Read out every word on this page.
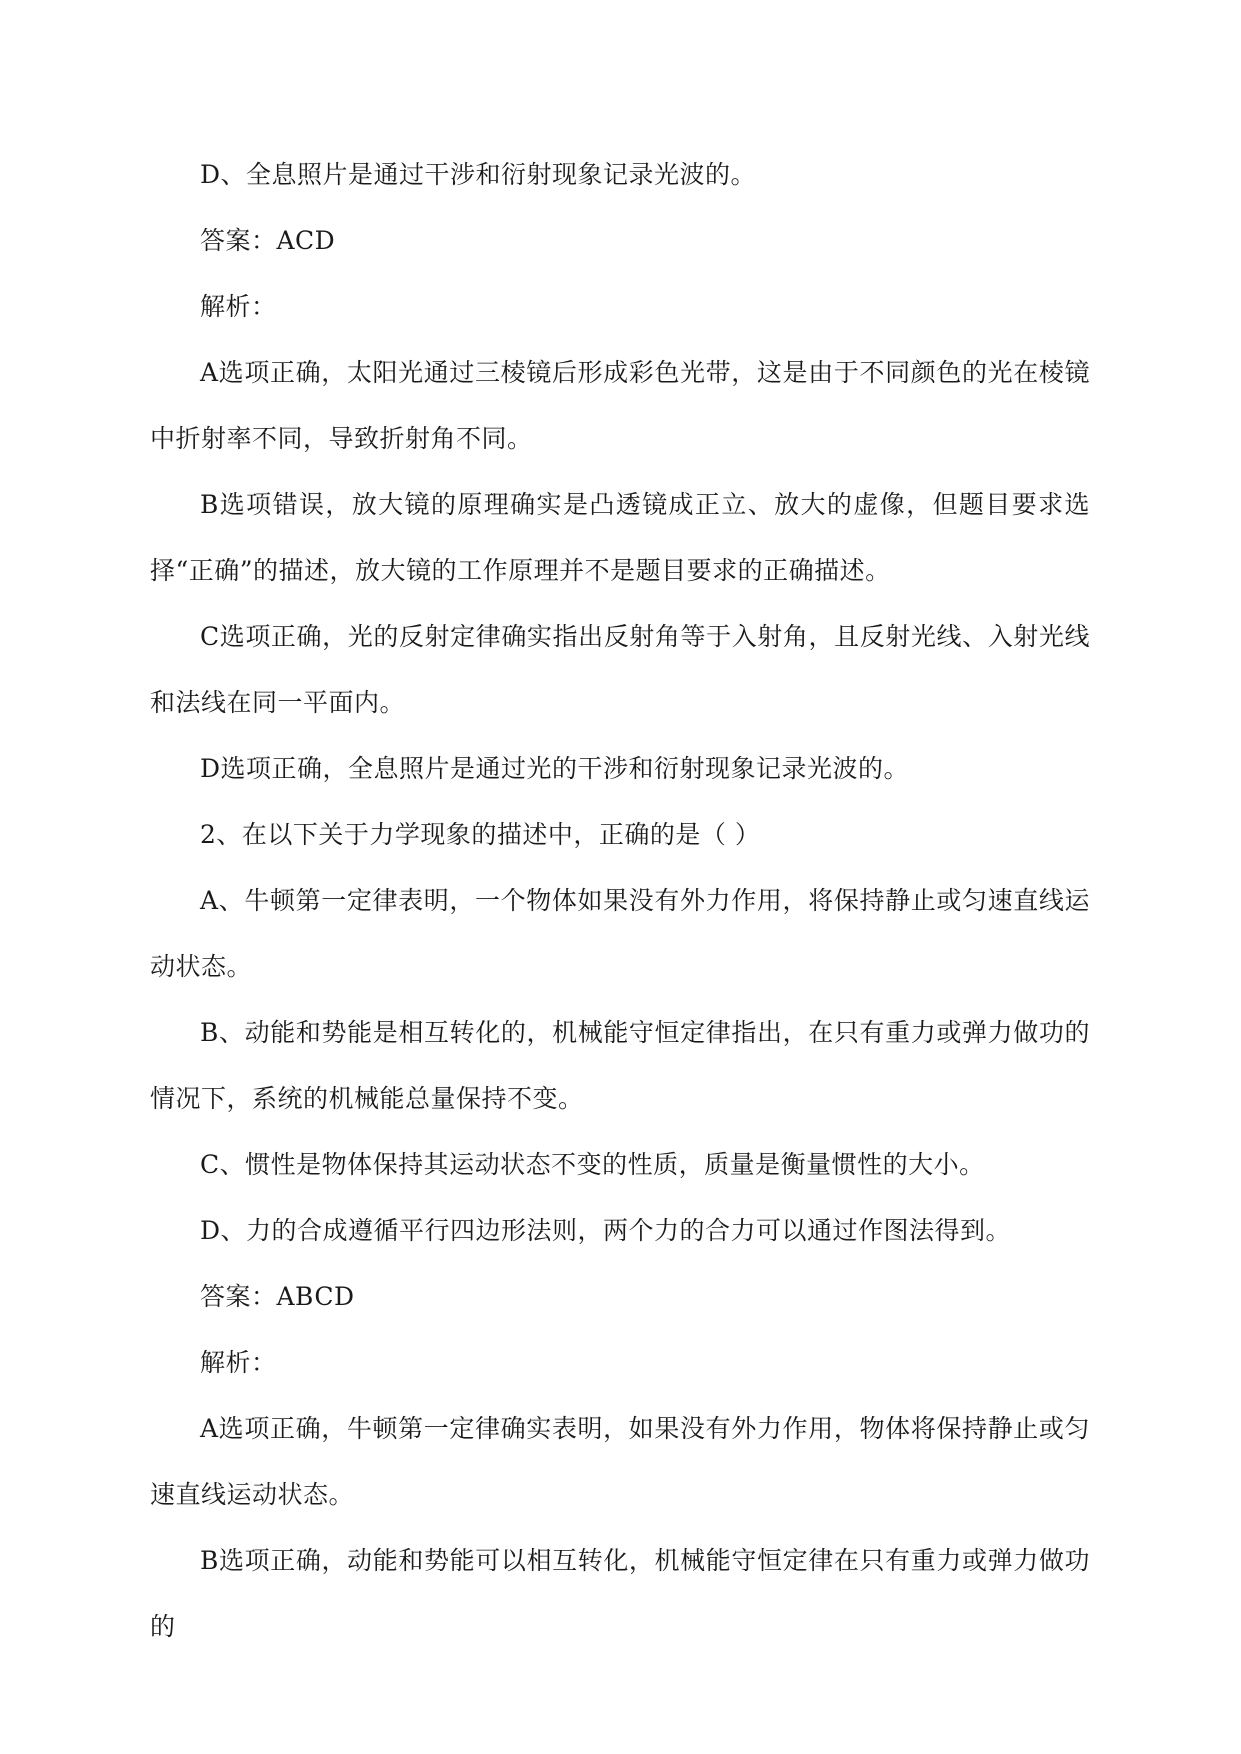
D、全息照片是通过干涉和衍射现象记录光波的。

答案：ACD

解析：

A选项正确，太阳光通过三棱镜后形成彩色光带，这是由于不同颜色的光在棱镜中折射率不同，导致折射角不同。

B选项错误，放大镜的原理确实是凸透镜成正立、放大的虚像，但题目要求选择“正确”的描述，放大镜的工作原理并不是题目要求的正确描述。

C选项正确，光的反射定律确实指出反射角等于入射角，且反射光线、入射光线和法线在同一平面内。

D选项正确，全息照片是通过光的干涉和衍射现象记录光波的。

2、在以下关于力学现象的描述中，正确的是（ ）

A、牛顿第一定律表明，一个物体如果没有外力作用，将保持静止或匀速直线运动状态。

B、动能和势能是相互转化的，机械能守恒定律指出，在只有重力或弹力做功的情况下，系统的机械能总量保持不变。

C、惯性是物体保持其运动状态不变的性质，质量是衡量惯性的大小。

D、力的合成遵循平行四边形法则，两个力的合力可以通过作图法得到。

答案：ABCD

解析：

A选项正确，牛顿第一定律确实表明，如果没有外力作用，物体将保持静止或匀速直线运动状态。

B选项正确，动能和势能可以相互转化，机械能守恒定律在只有重力或弹力做功的
